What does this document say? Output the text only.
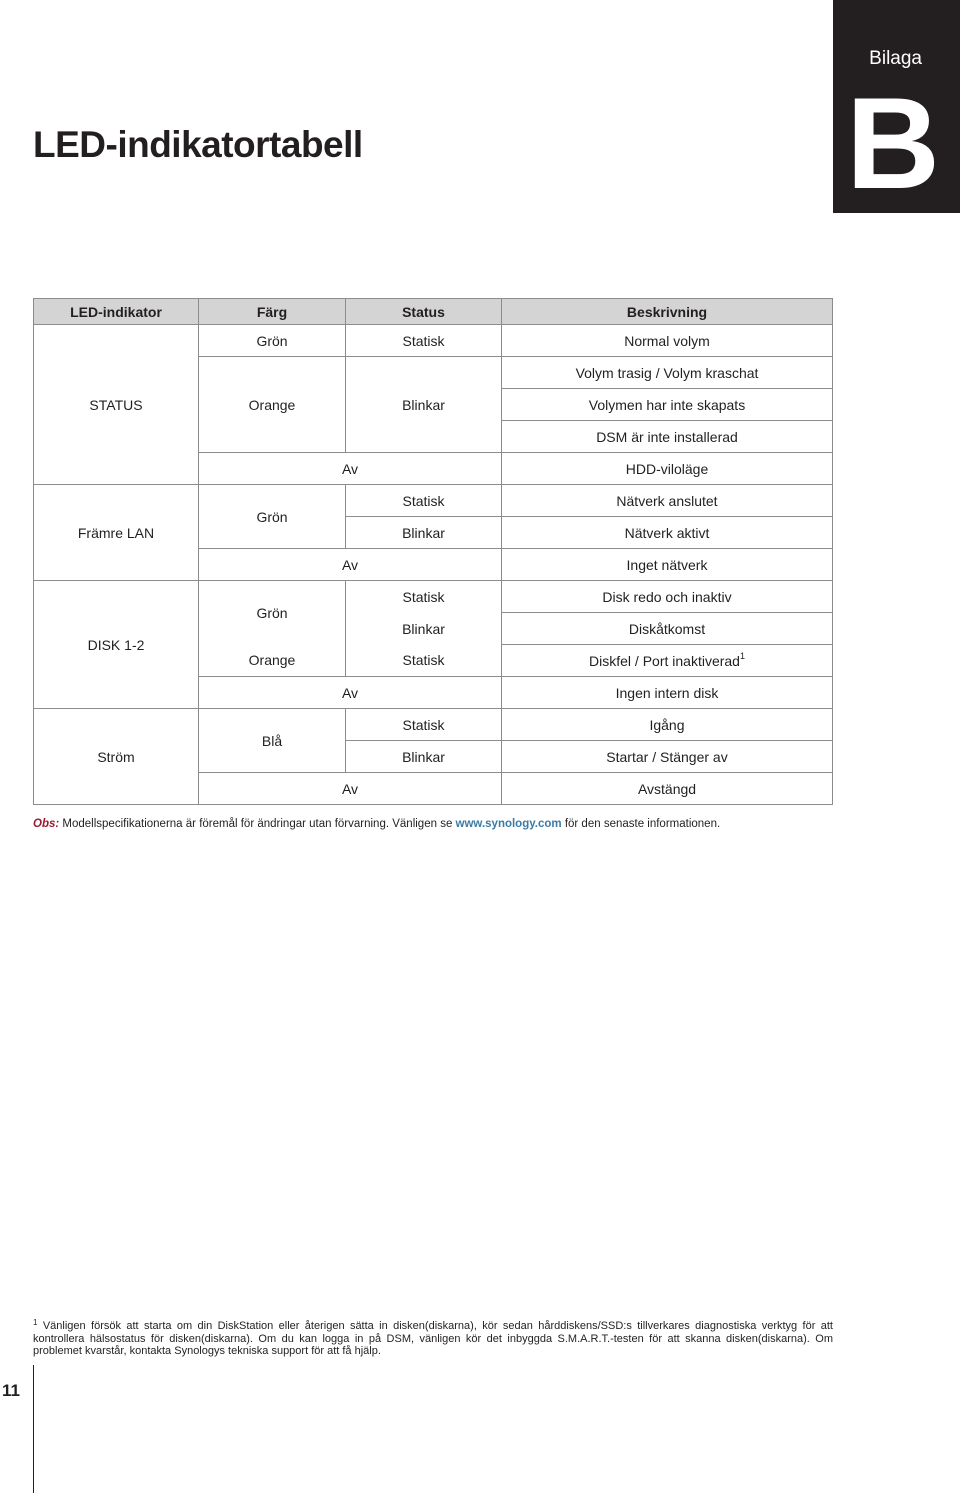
Bilaga
B
LED-indikatortabell
LED-indikator	Färg	Status	Beskrivning
STATUS	Grön	Statisk	Normal volym
	Orange	Blinkar	Volym trasig / Volym kraschat
			Volymen har inte skapats
			DSM är inte installerad
	Av		HDD-viloläge
Främre LAN	Grön	Statisk	Nätverk anslutet
		Blinkar	Nätverk aktivt
	Av		Inget nätverk
DISK 1-2	Grön	Statisk	Disk redo och inaktiv
		Blinkar	Diskåtkomst
	Orange	Statisk	Diskfel / Port inaktiverad$^1$
	Av		Ingen intern disk
Ström	Blå	Statisk	Igång
		Blinkar	Startar / Stänger av
	Av		Avstängd
Obs: Modellspecifikationerna är föremål för ändringar utan förvarning. Vänligen se www.synology.com för den senaste informationen.
$^1$ Vänligen försök att starta om din DiskStation eller återigen sätta in disken(diskarna), kör sedan hårddiskens/SSD:s tillverkares diagnostiska verktyg för att kontrollera hälsostatus för disken(diskarna). Om du kan logga in på DSM, vänligen kör det inbyggda S.M.A.R.T.-testen för att skanna disken(diskarna). Om problemet kvarstår, kontakta Synologys tekniska support för att få hjälp.
11
